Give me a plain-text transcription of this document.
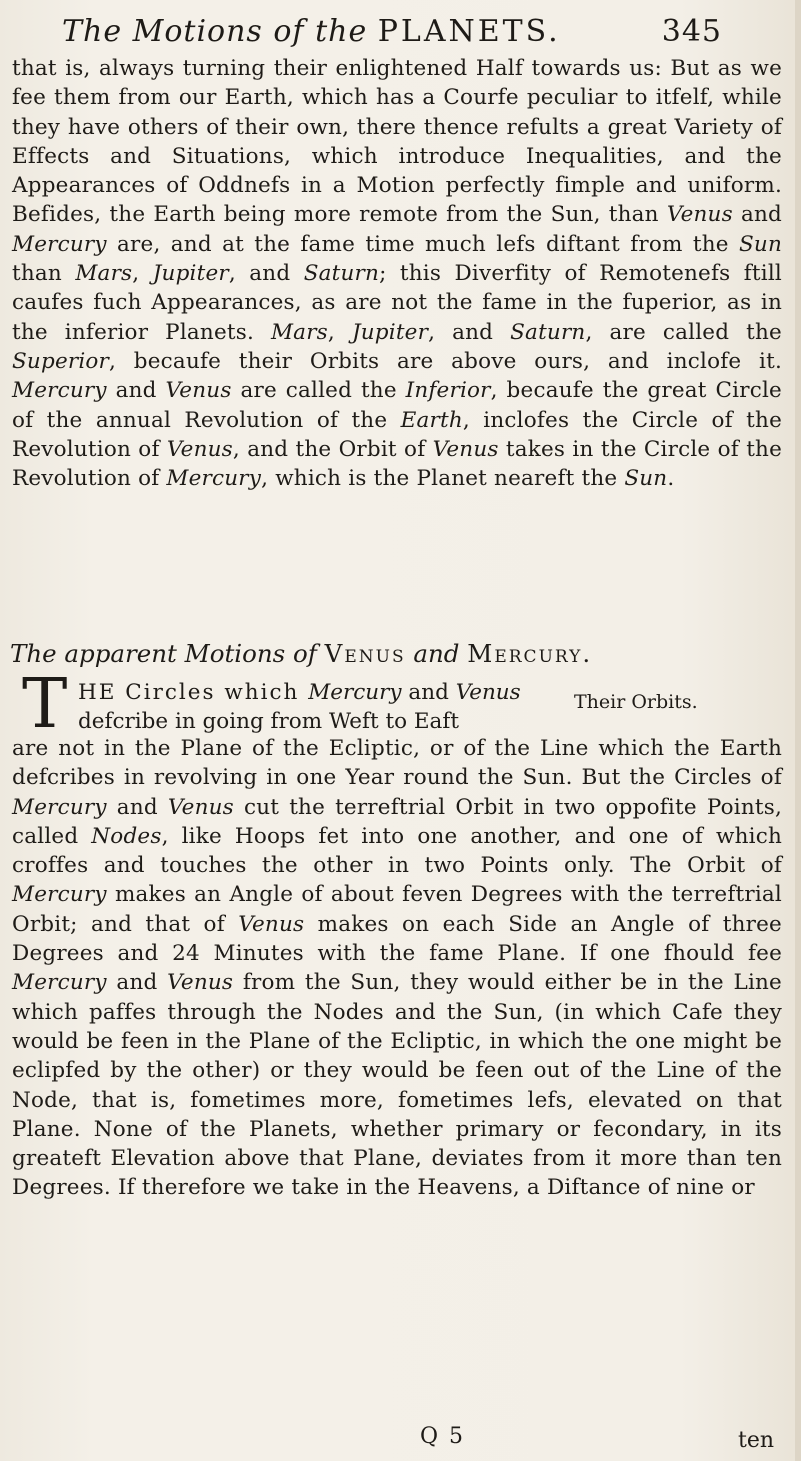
The Motions of the PLANETS.	345

that is, always turning their enlightened Half towards us: But as we fee them from our Earth, which has a Courfe peculiar to itfelf, while they have others of their own, there thence refults a great Variety of Effects and Situations, which introduce Inequalities, and the Appearances of Oddnefs in a Motion perfectly fimple and uniform. Befides, the Earth being more remote from the Sun, than Venus and Mercury are, and at the fame time much lefs diftant from the Sun than Mars, Jupiter, and Saturn; this Diverfity of Remotenefs ftill caufes fuch Appearances, as are not the fame in the fuperior, as in the inferior Planets. Mars, Jupiter, and Saturn, are called the Superior, becaufe their Orbits are above ours, and inclofe it. Mercury and Venus are called the Inferior, becaufe the great Circle of the annual Revolution of the Earth, inclofes the Circle of the Revolution of Venus, and the Orbit of Venus takes in the Circle of the Revolution of Mercury, which is the Planet neareft the Sun.

The apparent Motions of Venus and Mercury.
T HE Circles which Mercury and Venus
defcribe in going from Weft to Eaft
Their Orbits.

are not in the Plane of the Ecliptic, or of the Line which the Earth defcribes in revolving in one Year round the Sun. But the Circles of Mercury and Venus cut the terreftrial Orbit in two oppofite Points, called Nodes, like Hoops fet into one another, and one of which croffes and touches the other in two Points only. The Orbit of Mercury makes an Angle of about feven Degrees with the terreftrial Orbit; and that of Venus makes on each Side an Angle of three Degrees and 24 Minutes with the fame Plane. If one fhould fee Mercury and Venus from the Sun, they would either be in the Line which paffes through the Nodes and the Sun, (in which Cafe they would be feen in the Plane of the Ecliptic, in which the one might be eclipfed by the other) or they would be feen out of the Line of the Node, that is, fometimes more, fometimes lefs, elevated on that Plane. None of the Planets, whether primary or fecondary, in its greateft Elevation above that Plane, deviates from it more than ten Degrees. If therefore we take in the Heavens, a Diftance of nine or

Q 5	ten
